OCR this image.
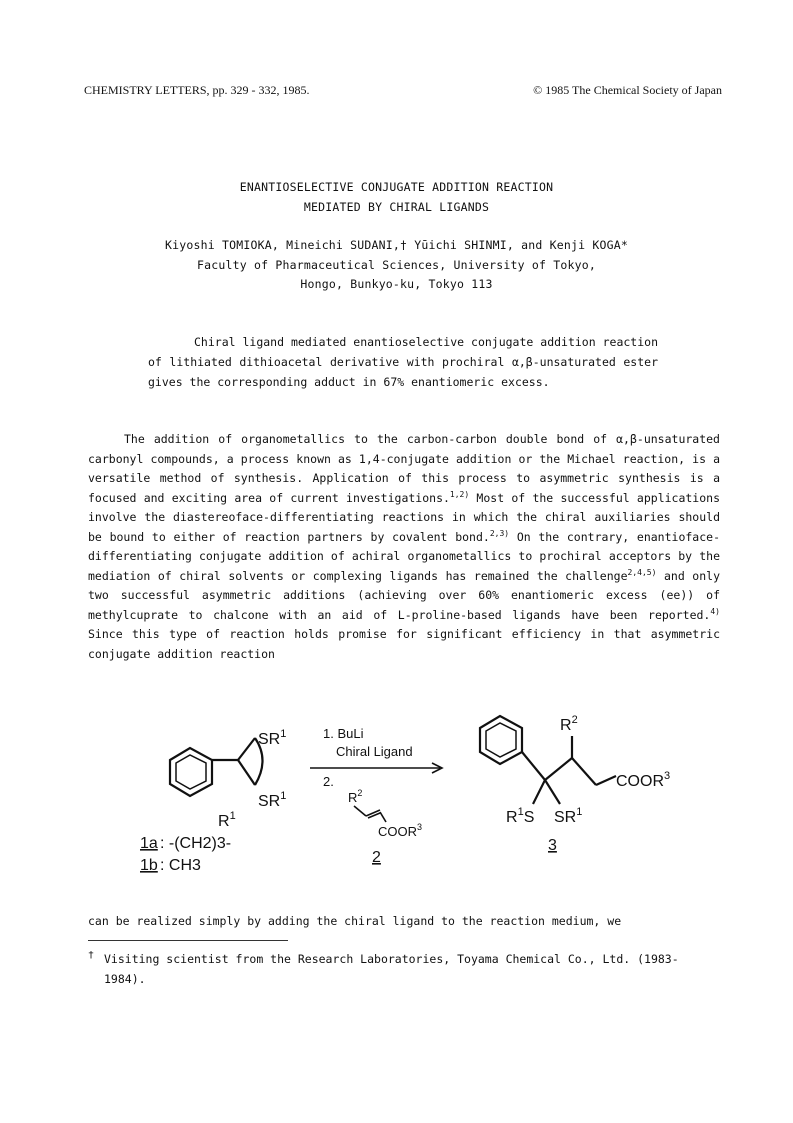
CHEMISTRY LETTERS, pp. 329 - 332, 1985.	© 1985 The Chemical Society of Japan
ENANTIOSELECTIVE CONJUGATE ADDITION REACTION
MEDIATED BY CHIRAL LIGANDS
Kiyoshi TOMIOKA, Mineichi SUDANI,† Yūichi SHINMI, and Kenji KOGA*
Faculty of Pharmaceutical Sciences, University of Tokyo,
Hongo, Bunkyo-ku, Tokyo 113
Chiral ligand mediated enantioselective conjugate addition reaction of lithiated dithioacetal derivative with prochiral α,β-unsaturated ester gives the corresponding adduct in 67% enantiomeric excess.
The addition of organometallics to the carbon-carbon double bond of α,β-unsaturated carbonyl compounds, a process known as 1,4-conjugate addition or the Michael reaction, is a versatile method of synthesis. Application of this process to asymmetric synthesis is a focused and exciting area of current investigations.$^{1,2)}$ Most of the successful applications involve the diastereoface-differentiating reactions in which the chiral auxiliaries should be bound to either of reaction partners by covalent bond.$^{2,3)}$ On the contrary, enantioface-differentiating conjugate addition of achiral organometallics to prochiral acceptors by the mediation of chiral solvents or complexing ligands has remained the challenge$^{2,4,5)}$ and only two successful asymmetric additions (achieving over 60% enantiomeric excess (ee)) of methylcuprate to chalcone with an aid of L-proline-based ligands have been reported.$^{4)}$ Since this type of reaction holds promise for significant efficiency in that asymmetric conjugate addition reaction
$SR^1$
$SR^1$
$R^1$
1a : -(CH2)3-
1b : CH3
1. BuLi
Chiral Ligand
2.
$R^2$
COOR$^3$
2
$R^2$
COOR$^3$
$R^1S$ $SR^1$
3
can be realized simply by adding the chiral ligand to the reaction medium, we
† Visiting scientist from the Research Laboratories, Toyama Chemical Co., Ltd. (1983-1984).
